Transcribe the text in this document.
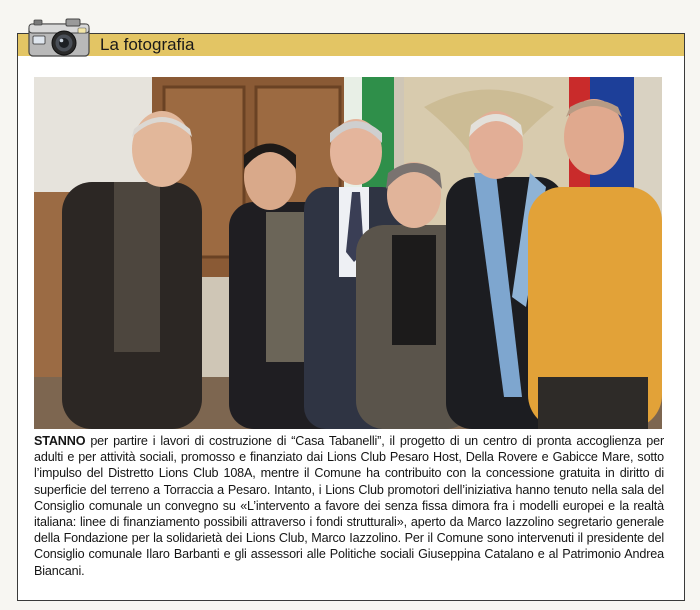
La fotografia
STANNO per partire i lavori di costruzione di “Casa Tabanelli”, il progetto di un centro di pronta accoglienza per adulti e per attività sociali, promosso e finanziato dai Lions Club Pesaro Host, Della Rovere e Gabicce Mare, sotto l’impulso del Distretto Lions Club 108A, mentre il Comune ha contribuito con la concessione gratuita in diritto di superficie del terreno a Torraccia a Pesaro. Intanto, i Lions Club promotori dell’iniziativa hanno tenuto nella sala del Consiglio comunale un convegno su «L’intervento a favore dei senza fissa dimora fra i modelli europei e la realtà italiana: linee di finanziamento possibili attraverso i fondi strutturali», aperto da Marco Iazzolino segretario generale della Fondazione per la solidarietà dei Lions Club, Marco Iazzolino. Per il Comune sono intervenuti il presidente del Consiglio comunale Ilaro Barbanti e gli assessori alle Politiche sociali Giuseppina Catalano e al Patrimonio Andrea Biancani.
